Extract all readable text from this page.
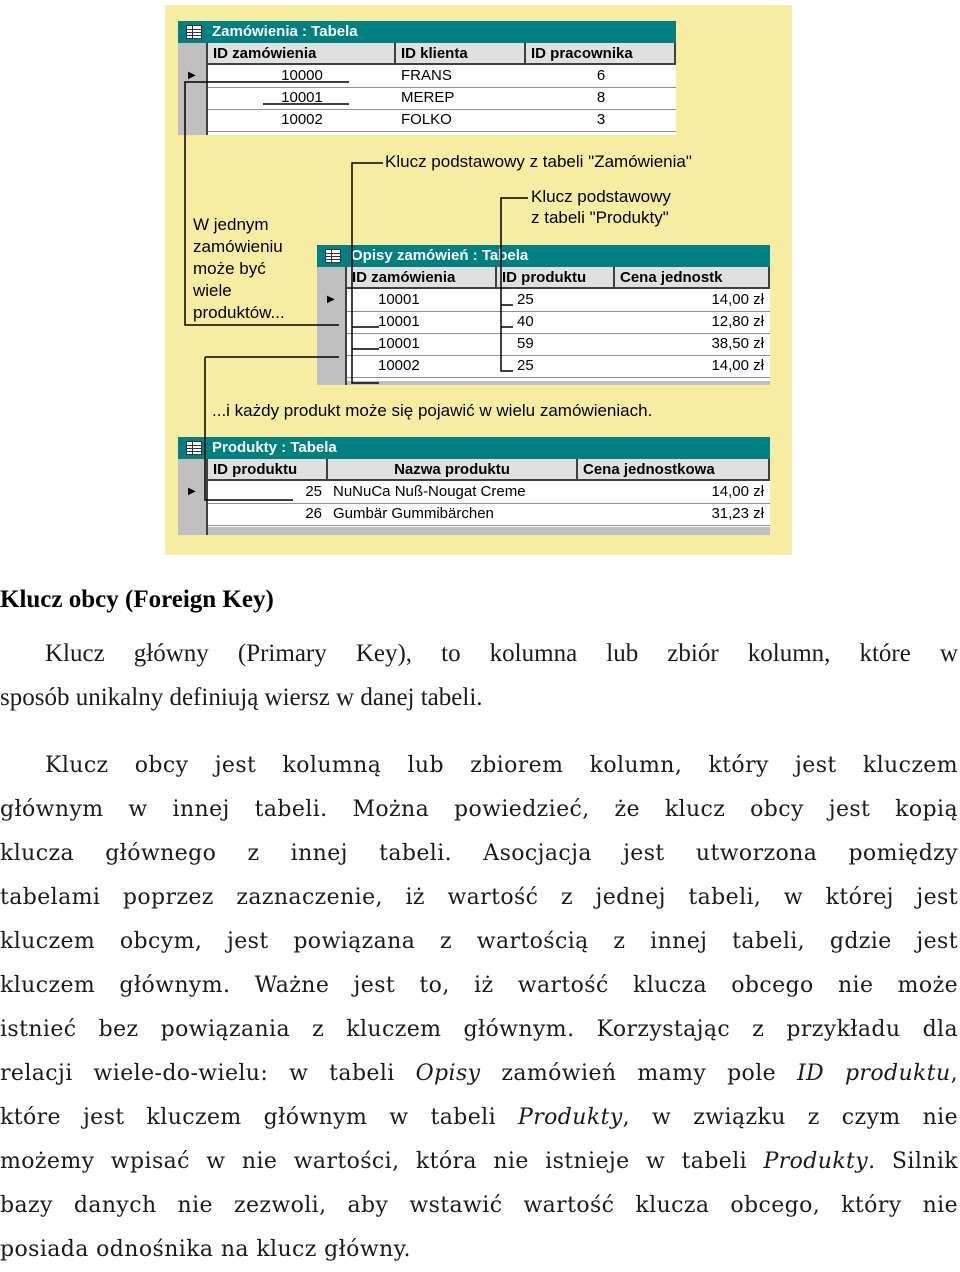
Zamówienia : Tabela
ID zamówienia	ID klienta	ID pracownika
▶	10000	FRANS	6
10001	MEREP	8
10002	FOLKO	3
Opisy zamówień : Tabela
ID zamówienia	ID produktu	Cena jednostk
▶	10001	25	14,00 zł
10001	40	12,80 zł
10001	59	38,50 zł
10002	25	14,00 zł
Produkty : Tabela
ID produktu	Nazwa produktu	Cena jednostkowa
▶	25 NuNuCa Nuß-Nougat Creme	14,00 zł
26 Gumbär Gummibärchen	31,23 zł
Klucz podstawowy z tabeli "Zamówienia"
Klucz podstawowy
z tabeli "Produkty"
W jednym
zamówieniu
może być
wiele
produktów...
...i każdy produkt może się pojawić w wielu zamówieniach.
Klucz obcy (Foreign Key)
Klucz główny (Primary Key), to kolumna lub zbiór kolumn, które w
sposób unikalny definiują wiersz w danej tabeli.
Klucz obcy jest kolumną lub zbiorem kolumn, który jest kluczem
głównym w innej tabeli. Można powiedzieć, że klucz obcy jest kopią
klucza głównego z innej tabeli. Asocjacja jest utworzona pomiędzy
tabelami poprzez zaznaczenie, iż wartość z jednej tabeli, w której jest
kluczem obcym, jest powiązana z wartością z innej tabeli, gdzie jest
kluczem głównym. Ważne jest to, iż wartość klucza obcego nie może
istnieć bez powiązania z kluczem głównym. Korzystając z przykładu dla
relacji wiele-do-wielu: w tabeli Opisy zamówień mamy pole ID produktu,
które jest kluczem głównym w tabeli Produkty, w związku z czym nie
możemy wpisać w nie wartości, która nie istnieje w tabeli Produkty. Silnik
bazy danych nie zezwoli, aby wstawić wartość klucza obcego, który nie
posiada odnośnika na klucz główny.
